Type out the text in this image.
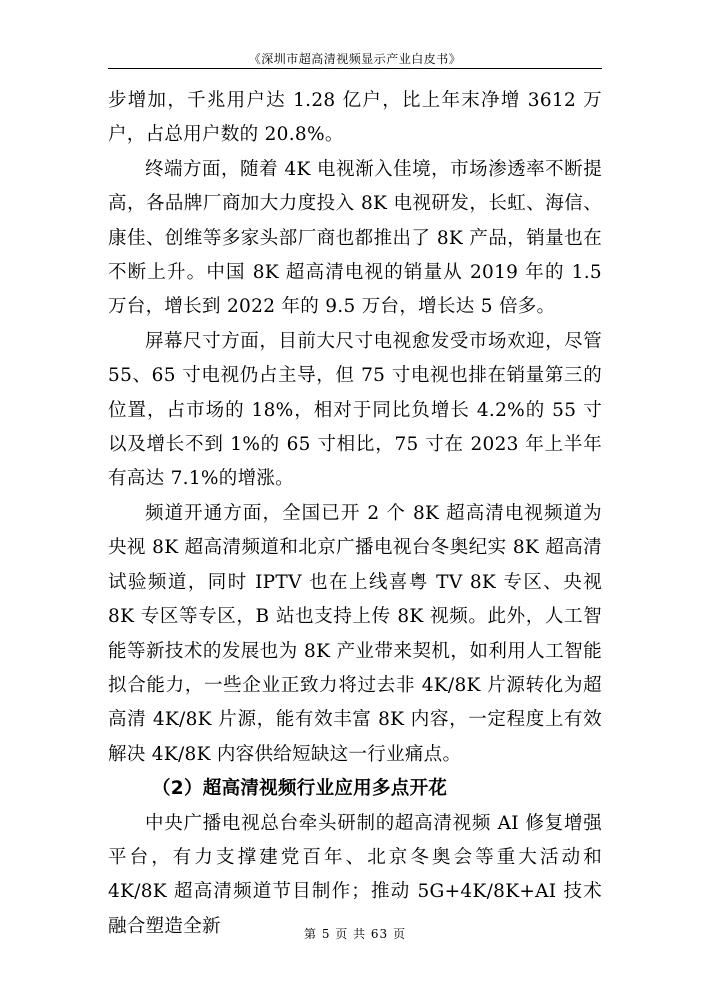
《深圳市超高清视频显示产业白皮书》

步增加，千兆用户达 1.28 亿户，比上年末净增 3612 万户，占总用户数的 20.8%。

终端方面，随着 4K 电视渐入佳境，市场渗透率不断提高，各品牌厂商加大力度投入 8K 电视研发，长虹、海信、康佳、创维等多家头部厂商也都推出了 8K 产品，销量也在不断上升。中国 8K 超高清电视的销量从 2019 年的 1.5 万台，增长到 2022 年的 9.5 万台，增长达 5 倍多。

屏幕尺寸方面，目前大尺寸电视愈发受市场欢迎，尽管 55、65 寸电视仍占主导，但 75 寸电视也排在销量第三的位置，占市场的 18%，相对于同比负增长 4.2%的 55 寸以及增长不到 1%的 65 寸相比，75 寸在 2023 年上半年有高达 7.1%的增涨。

频道开通方面，全国已开 2 个 8K 超高清电视频道为央视 8K 超高清频道和北京广播电视台冬奥纪实 8K 超高清试验频道，同时 IPTV 也在上线喜粤 TV 8K 专区、央视 8K 专区等专区，B 站也支持上传 8K 视频。此外，人工智能等新技术的发展也为 8K 产业带来契机，如利用人工智能拟合能力，一些企业正致力将过去非 4K/8K 片源转化为超高清 4K/8K 片源，能有效丰富 8K 内容，一定程度上有效解决 4K/8K 内容供给短缺这一行业痛点。

（2）超高清视频行业应用多点开花

中央广播电视总台牵头研制的超高清视频 AI 修复增强平台，有力支撑建党百年、北京冬奥会等重大活动和 4K/8K 超高清频道节目制作；推动 5G+4K/8K+AI 技术融合塑造全新	第 5 页 共 63 页
